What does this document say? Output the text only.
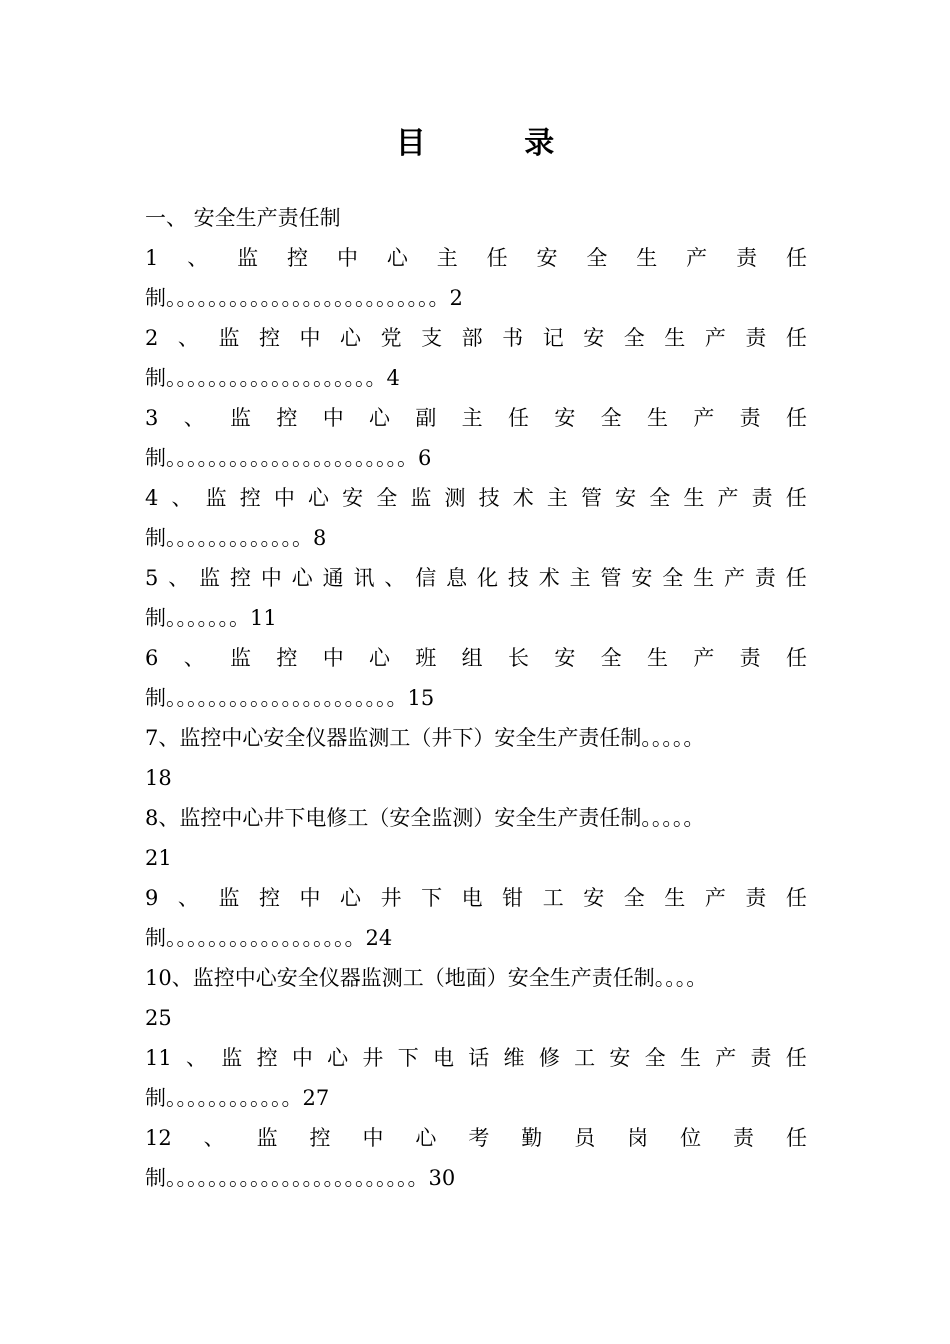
目 录
一、 安全生产责任制
1 、 监 控 中 心 主 任 安 全 生 产 责 任
制。。。。。。。。。。。。。。。。。。。。。。。。。。2
2 、 监 控 中 心 党 支 部 书 记 安 全 生 产 责 任
制。。。。。。。。。。。。。。。。。。。。4
3 、 监 控 中 心 副 主 任 安 全 生 产 责 任
制。。。。。。。。。。。。。。。。。。。。。。。6
4 、 监 控 中 心 安 全 监 测 技 术 主 管 安 全 生 产 责 任
制。。。。。。。。。。。。。8
5 、 监 控 中 心 通 讯 、 信 息 化 技 术 主 管 安 全 生 产 责 任
制。。。。。。。11
6 、 监 控 中 心 班 组 长 安 全 生 产 责 任
制。。。。。。。。。。。。。。。。。。。。。。15
7、监控中心安全仪器监测工（井下）安全生产责任制。。。。。
18
8、监控中心井下电修工（安全监测）安全生产责任制。。。。。
21
9 、 监 控 中 心 井 下 电 钳 工 安 全 生 产 责 任
制。。。。。。。。。。。。。。。。。。24
10、监控中心安全仪器监测工（地面）安全生产责任制。。。。
25
11 、 监 控 中 心 井 下 电 话 维 修 工 安 全 生 产 责 任
制。。。。。。。。。。。。27
12 、 监 控 中 心 考 勤 员 岗 位 责 任
制。。。。。。。。。。。。。。。。。。。。。。。。30
